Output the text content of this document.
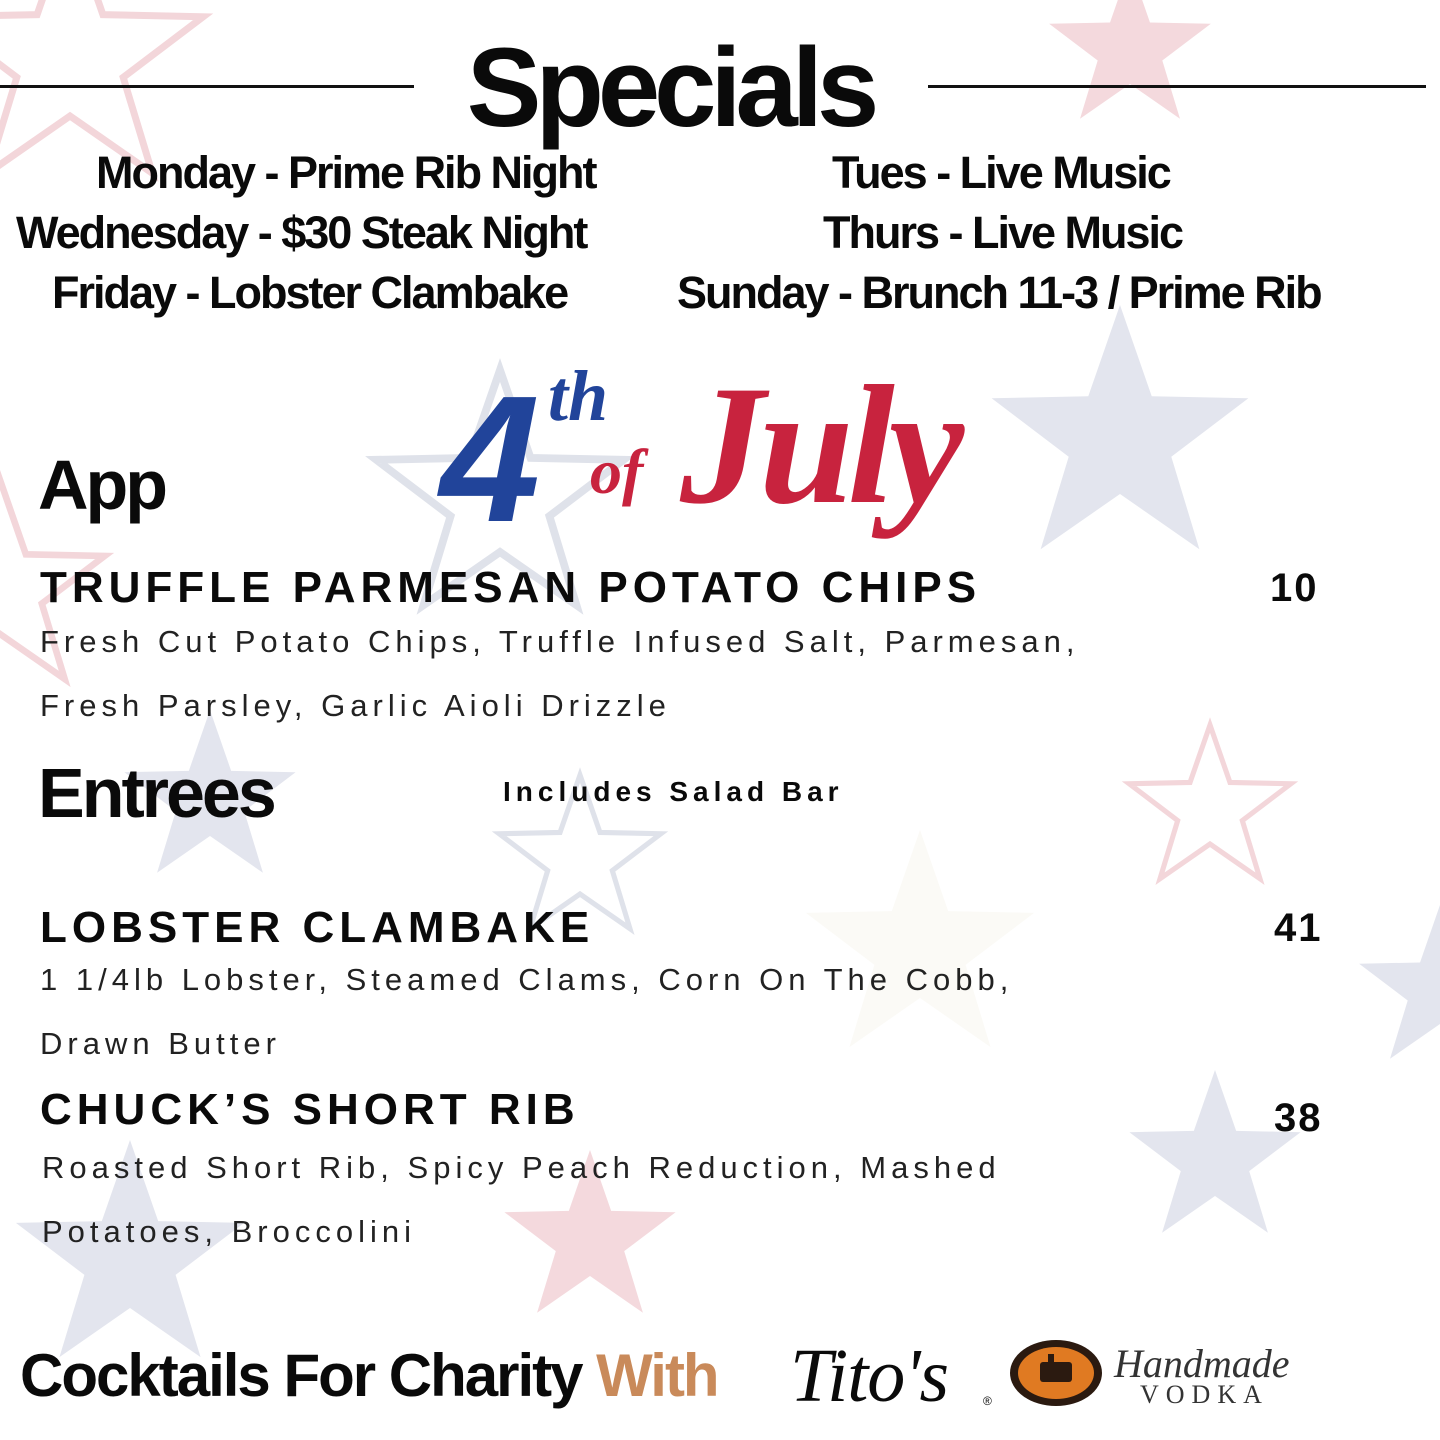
Specials
Monday - Prime Rib Night	Tues - Live Music
Wednesday - $30 Steak Night	Thurs - Live Music
Friday - Lobster Clambake Sunday - Brunch 11-3 / Prime Rib
4 th
of July
App
TRUFFLE PARMESAN POTATO CHIPS	10
Fresh Cut Potato Chips, Truffle Infused Salt, Parmesan,
Fresh Parsley, Garlic Aioli Drizzle
Entrees	Includes Salad Bar
LOBSTER CLAMBAKE	41
1 1/4lb Lobster, Steamed Clams, Corn On The Cobb,
Drawn Butter
CHUCK’S SHORT RIB	38
Roasted Short Rib, Spicy Peach Reduction, Mashed
Potatoes, Broccolini
Cocktails For Charity With Tito's	®
Handmade
VODKA
